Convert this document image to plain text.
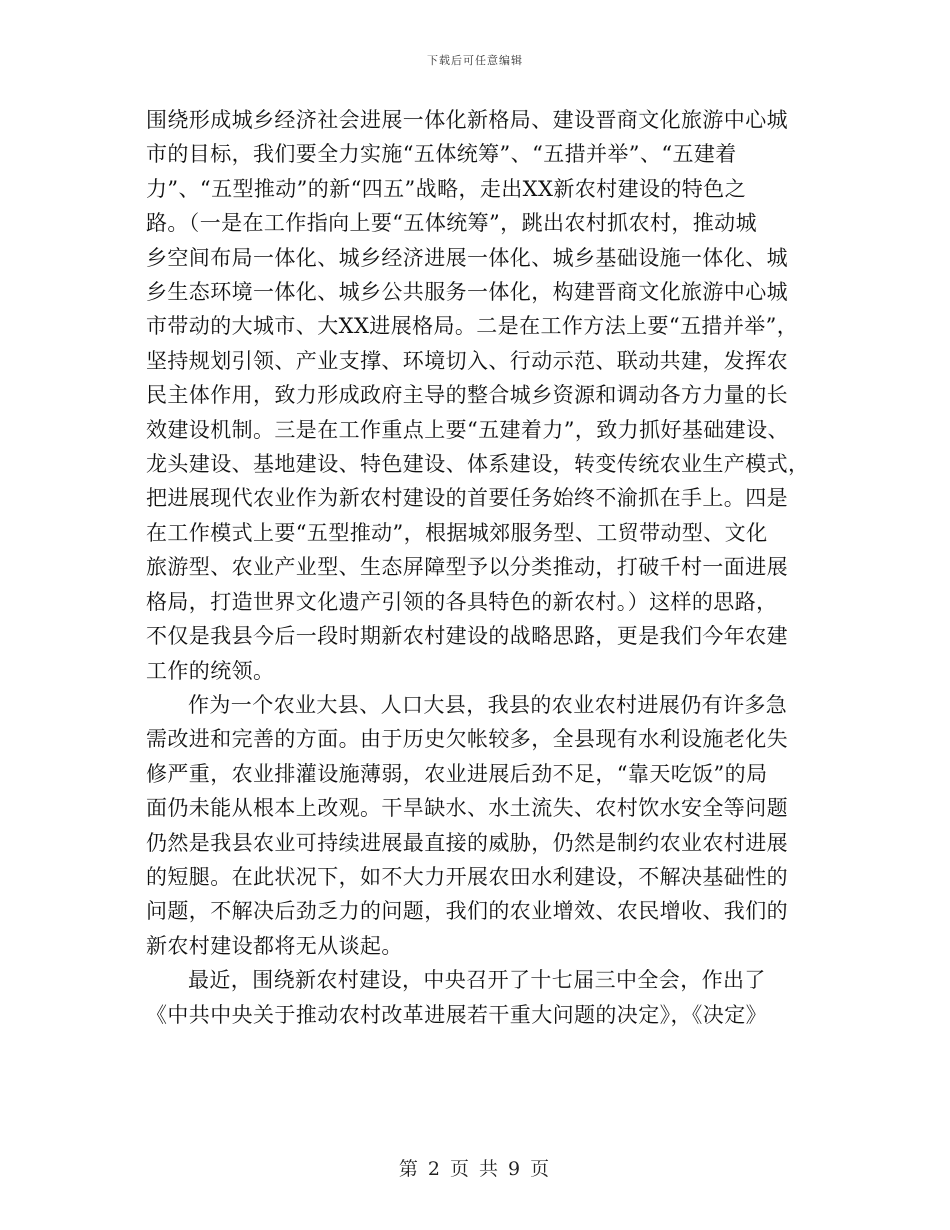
下载后可任意编辑

围绕形成城乡经济社会进展一体化新格局、建设晋商文化旅游中心城

市的目标，我们要全力实施“五体统筹”、“五措并举”、“五建着

力”、“五型推动”的新“四五”战略，走出XX新农村建设的特色之

路。（一是在工作指向上要“五体统筹”，跳出农村抓农村，推动城

乡空间布局一体化、城乡经济进展一体化、城乡基础设施一体化、城

乡生态环境一体化、城乡公共服务一体化，构建晋商文化旅游中心城

市带动的大城市、大XX进展格局。二是在工作方法上要“五措并举”，

坚持规划引领、产业支撑、环境切入、行动示范、联动共建，发挥农

民主体作用，致力形成政府主导的整合城乡资源和调动各方力量的长

效建设机制。三是在工作重点上要“五建着力”，致力抓好基础建设、

龙头建设、基地建设、特色建设、体系建设，转变传统农业生产模式，

把进展现代农业作为新农村建设的首要任务始终不渝抓在手上。四是

在工作模式上要“五型推动”，根据城郊服务型、工贸带动型、文化

旅游型、农业产业型、生态屏障型予以分类推动，打破千村一面进展

格局，打造世界文化遗产引领的各具特色的新农村。）这样的思路，

不仅是我县今后一段时期新农村建设的战略思路，更是我们今年农建

工作的统领。

作为一个农业大县、人口大县，我县的农业农村进展仍有许多急

需改进和完善的方面。由于历史欠帐较多，全县现有水利设施老化失

修严重，农业排灌设施薄弱，农业进展后劲不足，“靠天吃饭”的局

面仍未能从根本上改观。干旱缺水、水土流失、农村饮水安全等问题

仍然是我县农业可持续进展最直接的威胁，仍然是制约农业农村进展

的短腿。在此状况下，如不大力开展农田水利建设，不解决基础性的

问题，不解决后劲乏力的问题，我们的农业增效、农民增收、我们的

新农村建设都将无从谈起。

最近，围绕新农村建设，中央召开了十七届三中全会，作出了

《中共中央关于推动农村改革进展若干重大问题的决定》，《决定》

第 2 页 共 9 页
